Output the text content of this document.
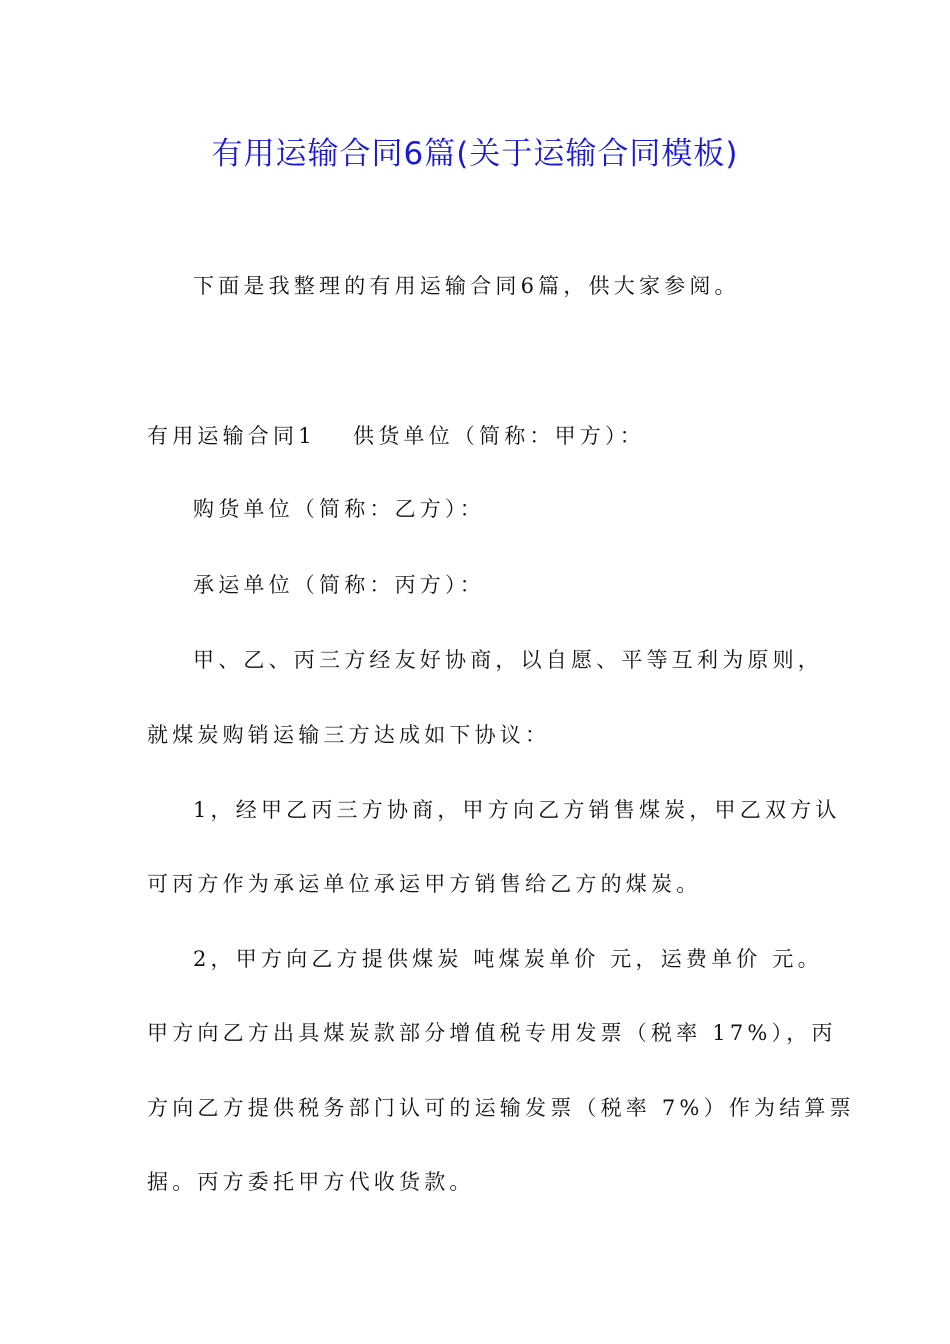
有用运输合同6篇(关于运输合同模板)

下面是我整理的有用运输合同6篇，供大家参阅。

有用运输合同1 供货单位（简称：甲方）：

购货单位（简称：乙方）：

承运单位（简称：丙方）：

甲、乙、丙三方经友好协商，以自愿、平等互利为原则，

就煤炭购销运输三方达成如下协议：

1，经甲乙丙三方协商，甲方向乙方销售煤炭，甲乙双方认

可丙方作为承运单位承运甲方销售给乙方的煤炭。

2，甲方向乙方提供煤炭 吨煤炭单价 元，运费单价 元。

甲方向乙方出具煤炭款部分增值税专用发票（税率 17%），丙

方向乙方提供税务部门认可的运输发票（税率 7%）作为结算票

据。丙方委托甲方代收货款。
